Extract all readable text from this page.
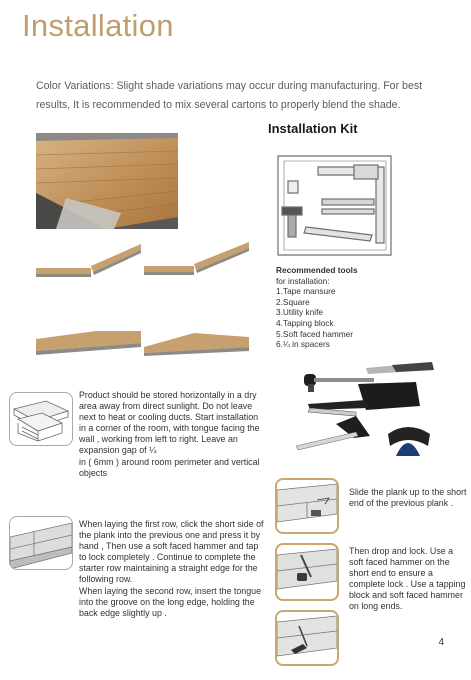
Installation
Color Variations: Slight shade variations may occur during manufacturing. For best results, It is recommended to mix several cartons to properly blend the shade.
Installation Kit
Recommended tools
for installation:
1.Tape mansure
2.Square
3.Utility knife
4.Tapping block
5.Soft faced hammer
6.¼ in spacers
Product should be stored horizontally in a dry area away from direct sunlight. Do not leave next to heat or cooling ducts. Start installation in a corner of the room, with tongue facing the wall , working from left to right. Leave an expansion gap of ¼
in ( 6mm ) around room perimeter and vertical objects
When laying the first row, click the short side of the plank into the previous one and press it by hand , Then use a soft faced hammer and tap to lock completely . Continue to complete the starter row maintaining a straight edge for the following row.
When laying the second row, insert the tongue into the groove on the long edge, holding the back edge slightly up .
Slide the plank up to the short end of the previous plank .
Then drop and lock. Use a soft faced hammer on the short end to ensure a complete lock . Use a tapping block and soft faced hammer on long ends.
4
